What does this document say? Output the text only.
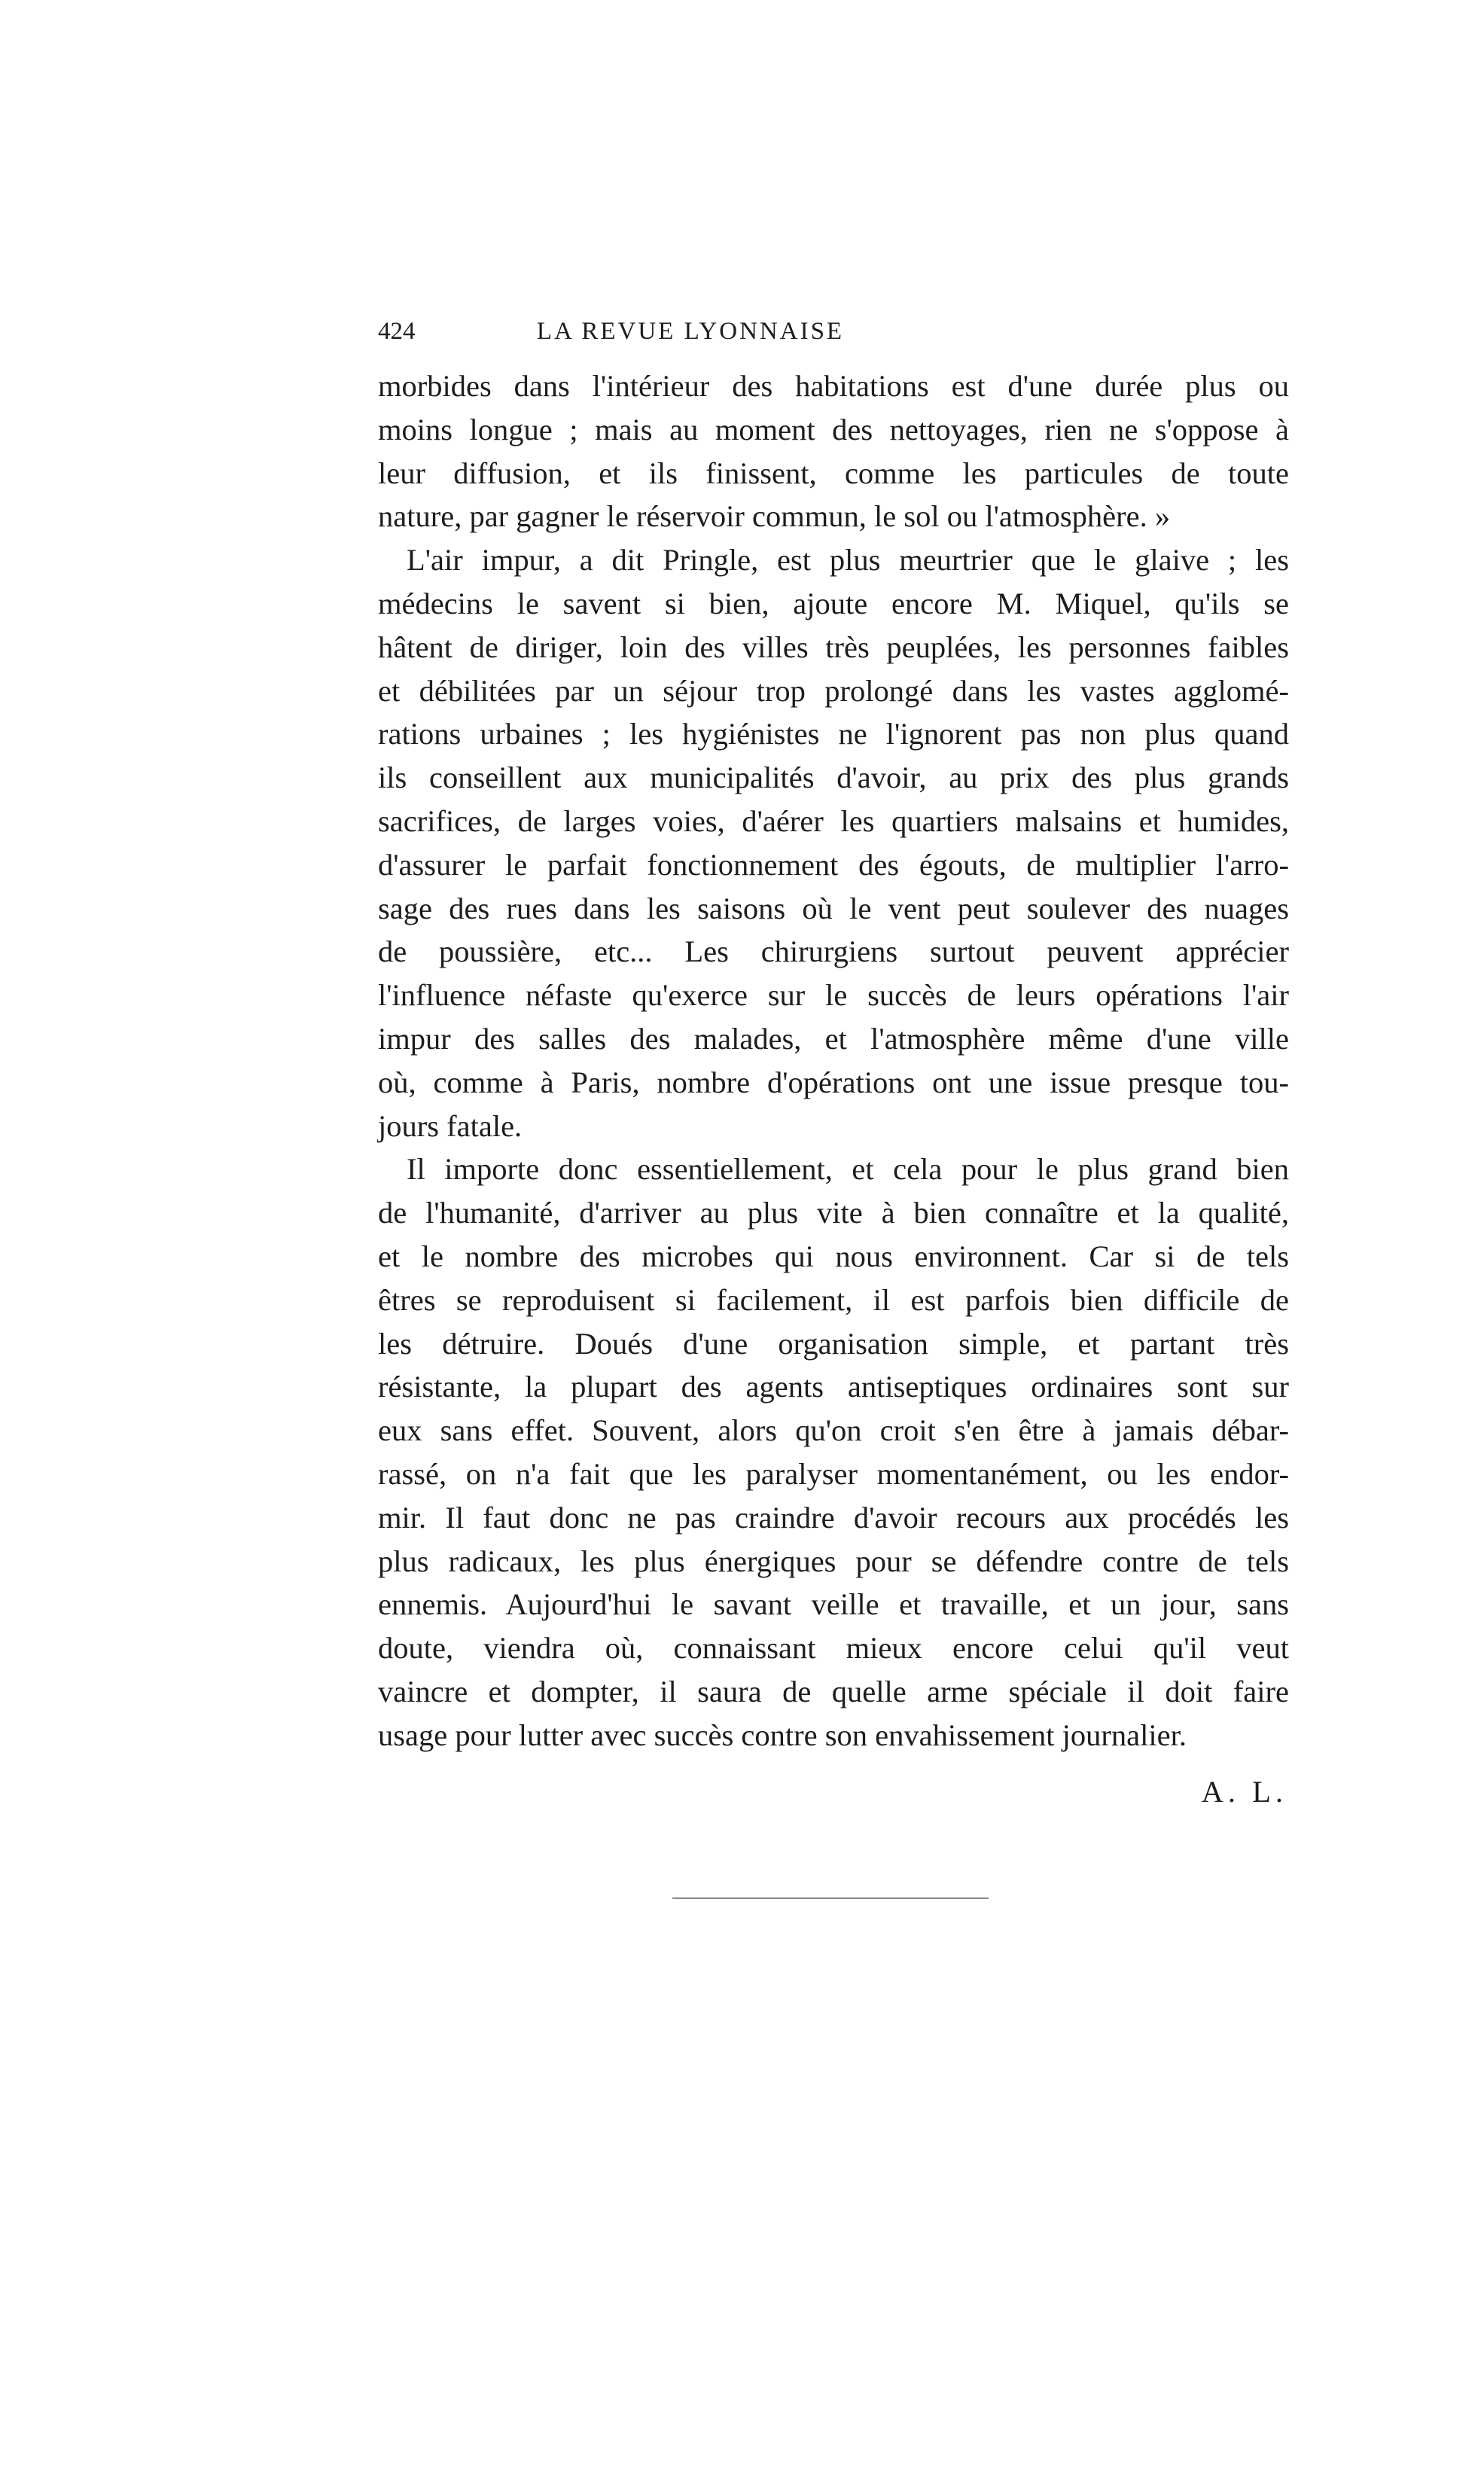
424	LA REVUE LYONNAISE
morbides dans l'intérieur des habitations est d'une durée plus ou
moins longue ; mais au moment des nettoyages, rien ne s'oppose à
leur diffusion, et ils finissent, comme les particules de toute
nature, par gagner le réservoir commun, le sol ou l'atmosphère. »
L'air impur, a dit Pringle, est plus meurtrier que le glaive ; les
médecins le savent si bien, ajoute encore M. Miquel, qu'ils se
hâtent de diriger, loin des villes très peuplées, les personnes faibles
et débilitées par un séjour trop prolongé dans les vastes agglomé-
rations urbaines ; les hygiénistes ne l'ignorent pas non plus quand
ils conseillent aux municipalités d'avoir, au prix des plus grands
sacrifices, de larges voies, d'aérer les quartiers malsains et humides,
d'assurer le parfait fonctionnement des égouts, de multiplier l'arro-
sage des rues dans les saisons où le vent peut soulever des nuages
de poussière, etc... Les chirurgiens surtout peuvent apprécier
l'influence néfaste qu'exerce sur le succès de leurs opérations l'air
impur des salles des malades, et l'atmosphère même d'une ville
où, comme à Paris, nombre d'opérations ont une issue presque tou-
jours fatale.
Il importe donc essentiellement, et cela pour le plus grand bien
de l'humanité, d'arriver au plus vite à bien connaître et la qualité,
et le nombre des microbes qui nous environnent. Car si de tels
êtres se reproduisent si facilement, il est parfois bien difficile de
les détruire. Doués d'une organisation simple, et partant très
résistante, la plupart des agents antiseptiques ordinaires sont sur
eux sans effet. Souvent, alors qu'on croit s'en être à jamais débar-
rassé, on n'a fait que les paralyser momentanément, ou les endor-
mir. Il faut donc ne pas craindre d'avoir recours aux procédés les
plus radicaux, les plus énergiques pour se défendre contre de tels
ennemis. Aujourd'hui le savant veille et travaille, et un jour, sans
doute, viendra où, connaissant mieux encore celui qu'il veut
vaincre et dompter, il saura de quelle arme spéciale il doit faire
usage pour lutter avec succès contre son envahissement journalier.
A. L.
